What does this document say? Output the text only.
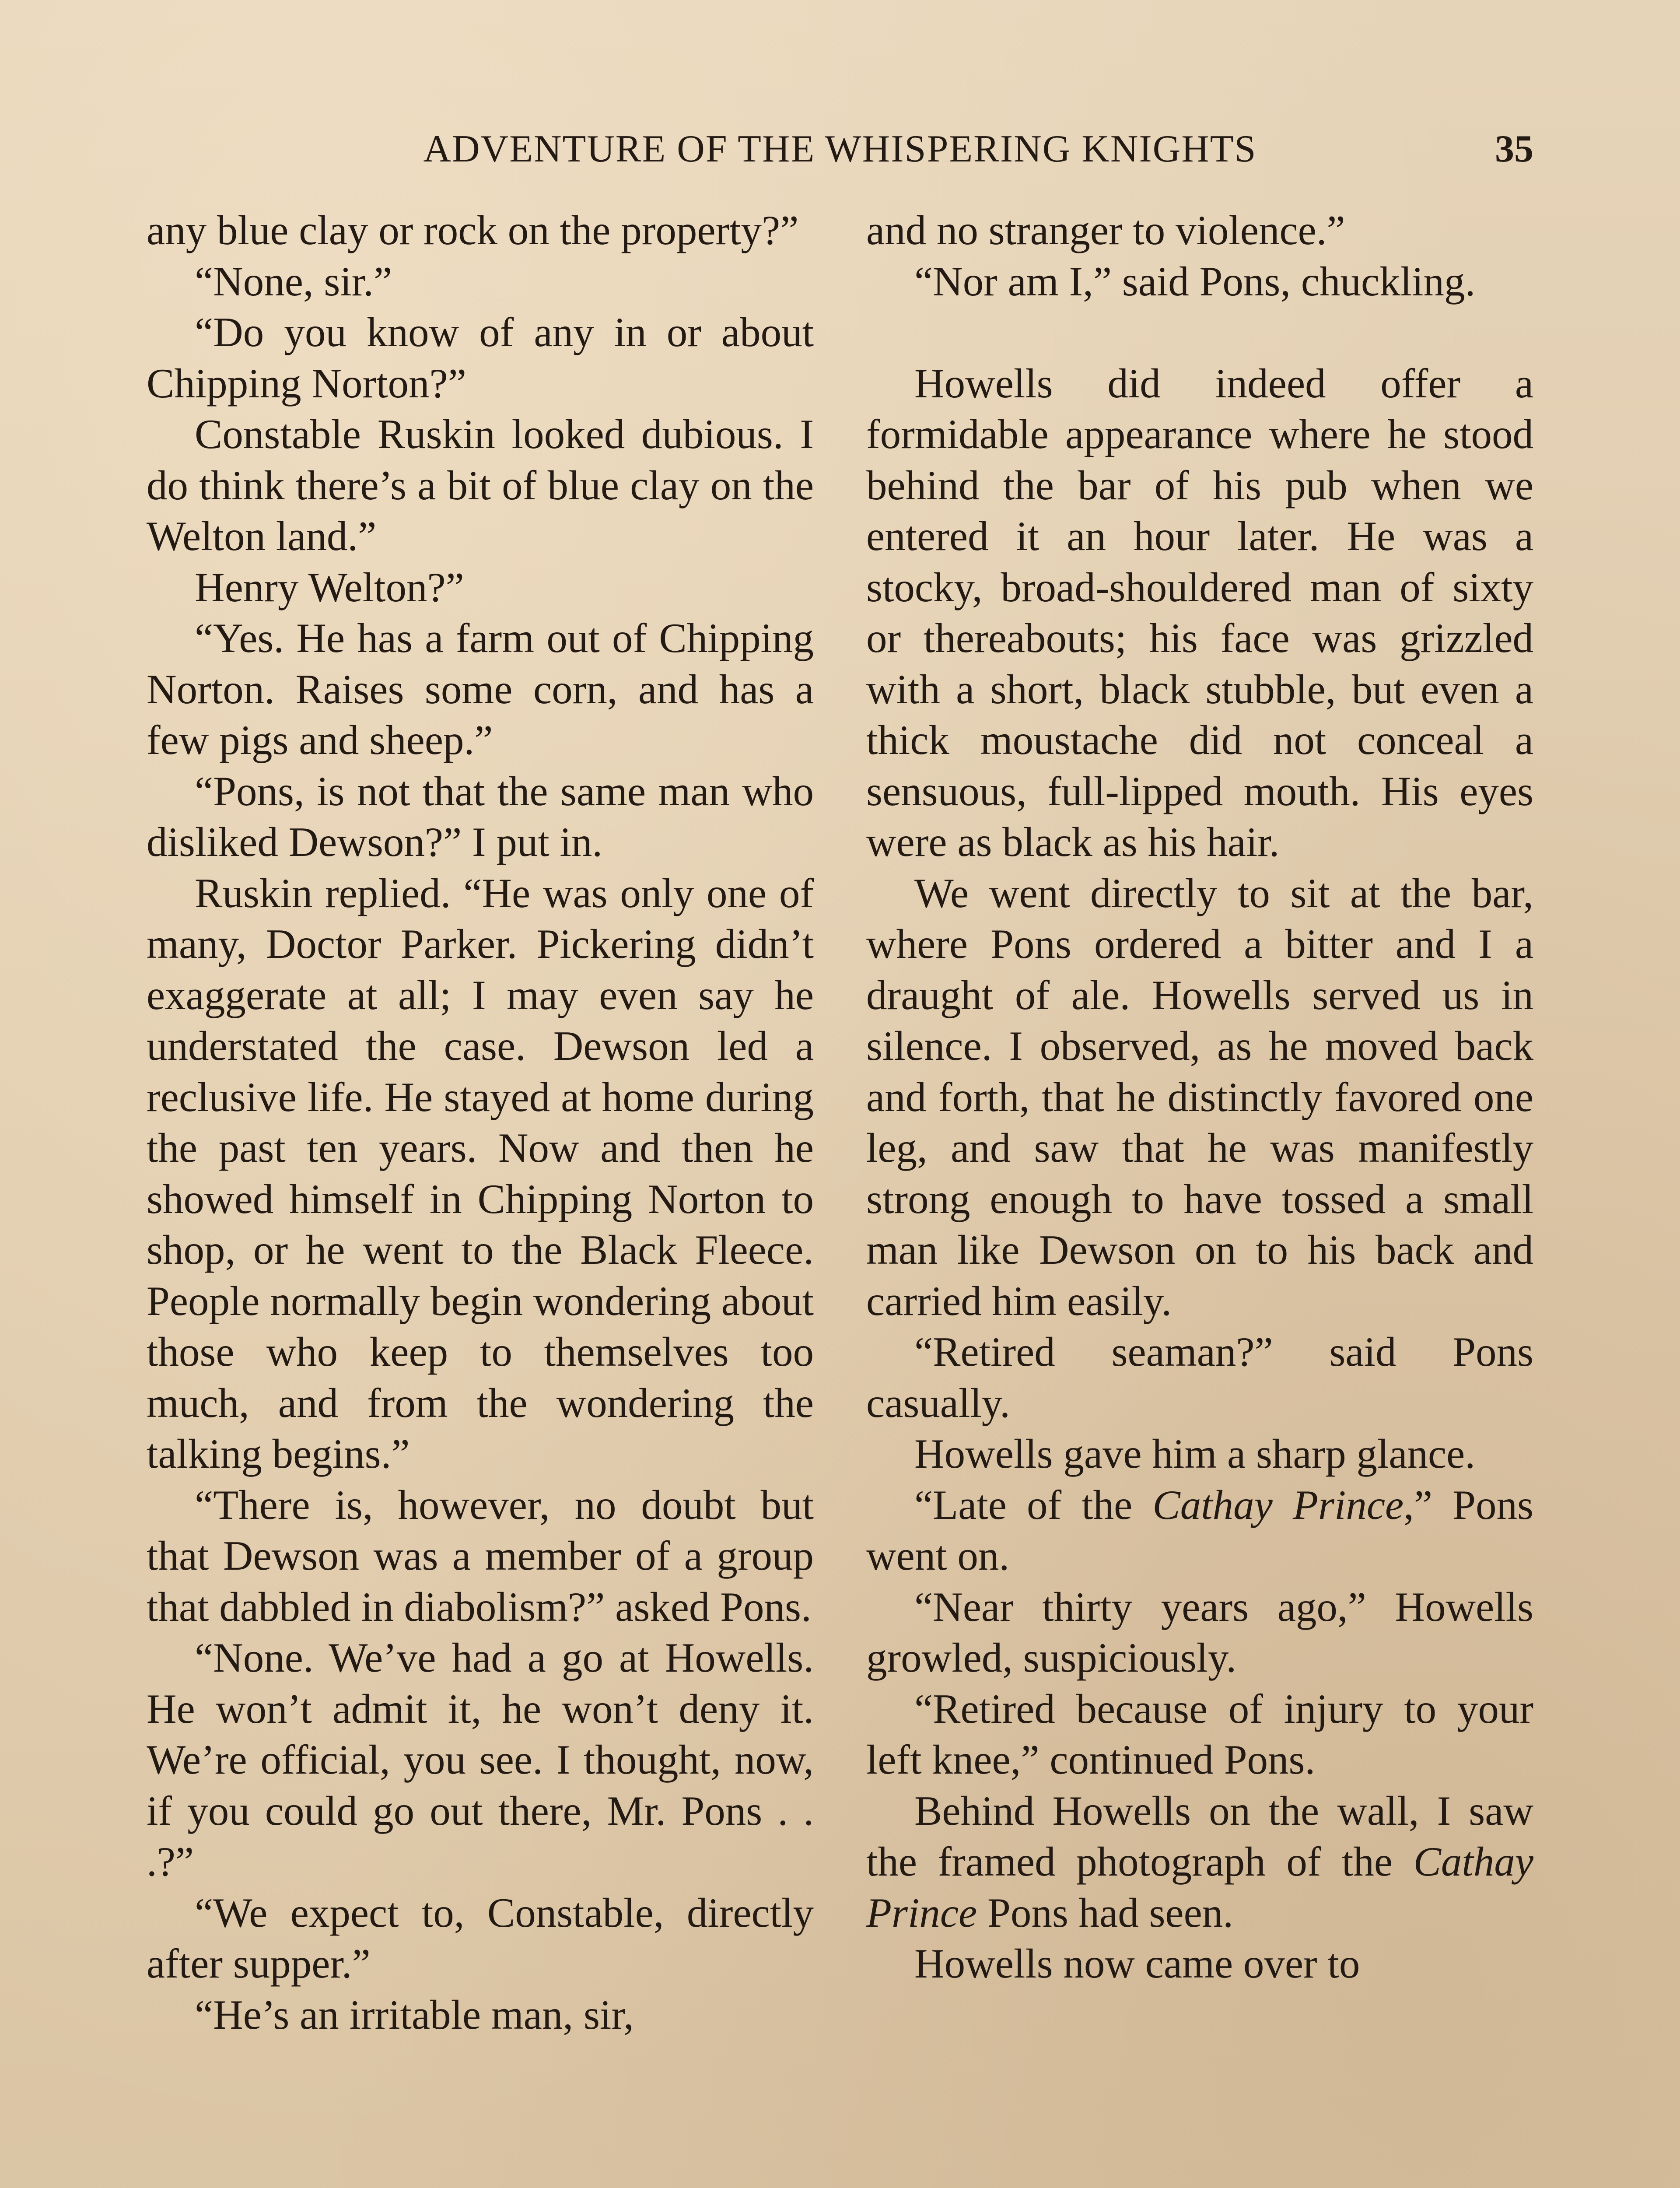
ADVENTURE OF THE WHISPERING KNIGHTS	35

any blue clay or rock on the property?”

“None, sir.”

“Do you know of any in or about Chipping Norton?”

Constable Ruskin looked dubious. I do think there’s a bit of blue clay on the Welton land.”

Henry Welton?”

“Yes. He has a farm out of Chipping Norton. Raises some corn, and has a few pigs and sheep.”

“Pons, is not that the same man who disliked Dewson?” I put in.

Ruskin replied. “He was only one of many, Doctor Parker. Pickering didn’t exaggerate at all; I may even say he understated the case. Dewson led a reclusive life. He stayed at home during the past ten years. Now and then he showed himself in Chipping Norton to shop, or he went to the Black Fleece. People normally begin wondering about those who keep to themselves too much, and from the wondering the talking begins.”

“There is, however, no doubt but that Dewson was a member of a group that dabbled in diabolism?” asked Pons.

“None. We’ve had a go at Howells. He won’t admit it, he won’t deny it. We’re official, you see. I thought, now, if you could go out there, Mr. Pons . . .?”

“We expect to, Constable, directly after supper.”

“He’s an irritable man, sir,

and no stranger to violence.”

“Nor am I,” said Pons, chuckling.

Howells did indeed offer a formidable appearance where he stood behind the bar of his pub when we entered it an hour later. He was a stocky, broad-shouldered man of sixty or thereabouts; his face was grizzled with a short, black stubble, but even a thick moustache did not conceal a sensuous, full-lipped mouth. His eyes were as black as his hair.

We went directly to sit at the bar, where Pons ordered a bitter and I a draught of ale. Howells served us in silence. I observed, as he moved back and forth, that he distinctly favored one leg, and saw that he was manifestly strong enough to have tossed a small man like Dewson on to his back and carried him easily.

“Retired seaman?” said Pons casually.

Howells gave him a sharp glance.

“Late of the Cathay Prince,” Pons went on.

“Near thirty years ago,” Howells growled, suspiciously.

“Retired because of injury to your left knee,” continued Pons.

Behind Howells on the wall, I saw the framed photograph of the Cathay Prince Pons had seen.

Howells now came over to
